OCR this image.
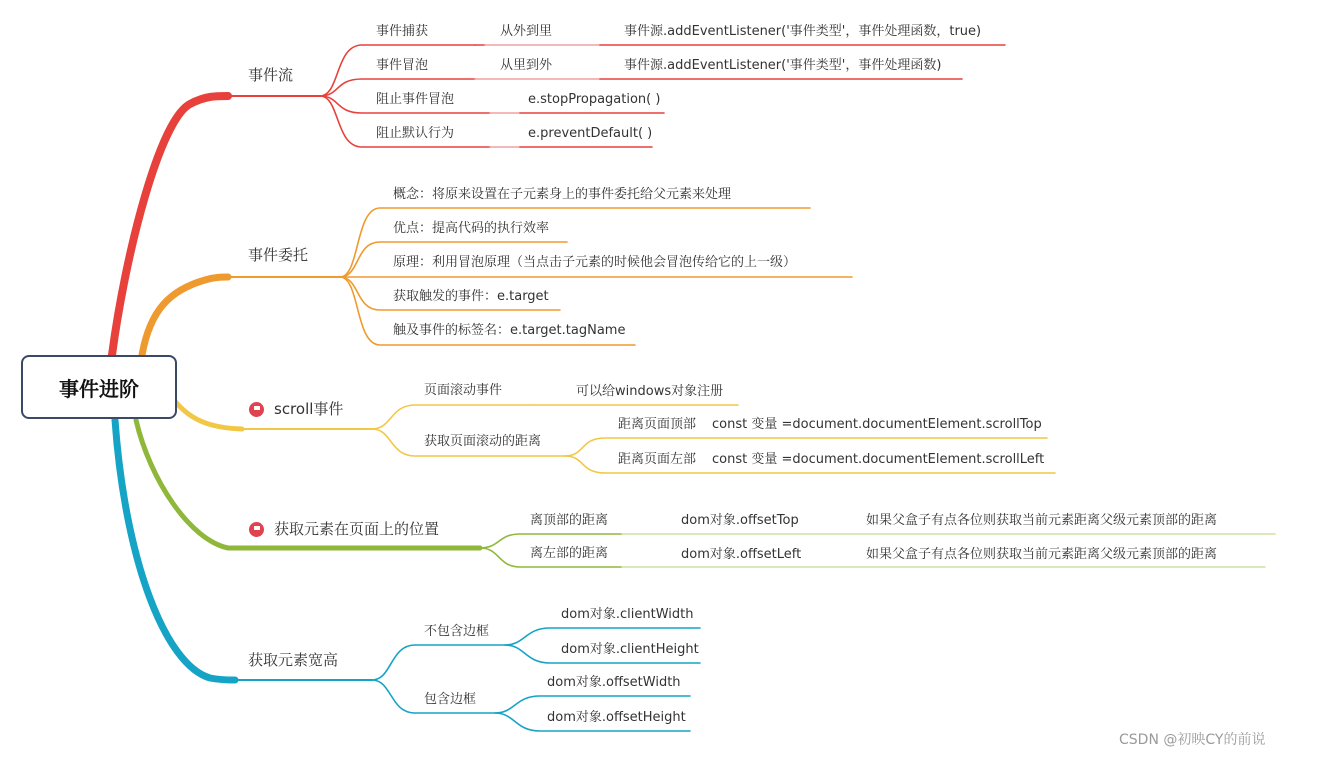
事件进阶
事件流
事件捕获	从外到里	事件源.addEventListener('事件类型'，事件处理函数，true)
事件冒泡	从里到外	事件源.addEventListener('事件类型'，事件处理函数)
阻止事件冒泡	e.stopPropagation( )
阻止默认行为	e.preventDefault( )
事件委托
概念：将原来设置在子元素身上的事件委托给父元素来处理
优点：提高代码的执行效率
原理：利用冒泡原理（当点击子元素的时候他会冒泡传给它的上一级）
获取触发的事件：e.target
触及事件的标签名：e.target.tagName
scroll事件
页面滚动事件	可以给windows对象注册
获取页面滚动的距离
距离页面顶部 const 变量 =document.documentElement.scrollTop
距离页面左部 const 变量 =document.documentElement.scrollLeft
获取元素在页面上的位置	离顶部的距离	dom对象.offsetTop	如果父盒子有点各位则获取当前元素距离父级元素顶部的距离
离左部的距离	dom对象.offsetLeft	如果父盒子有点各位则获取当前元素距离父级元素顶部的距离
获取元素宽高
不包含边框
dom对象.clientWidth
dom对象.clientHeight
包含边框
dom对象.offsetWidth
dom对象.offsetHeight
CSDN @初映CY的前说
